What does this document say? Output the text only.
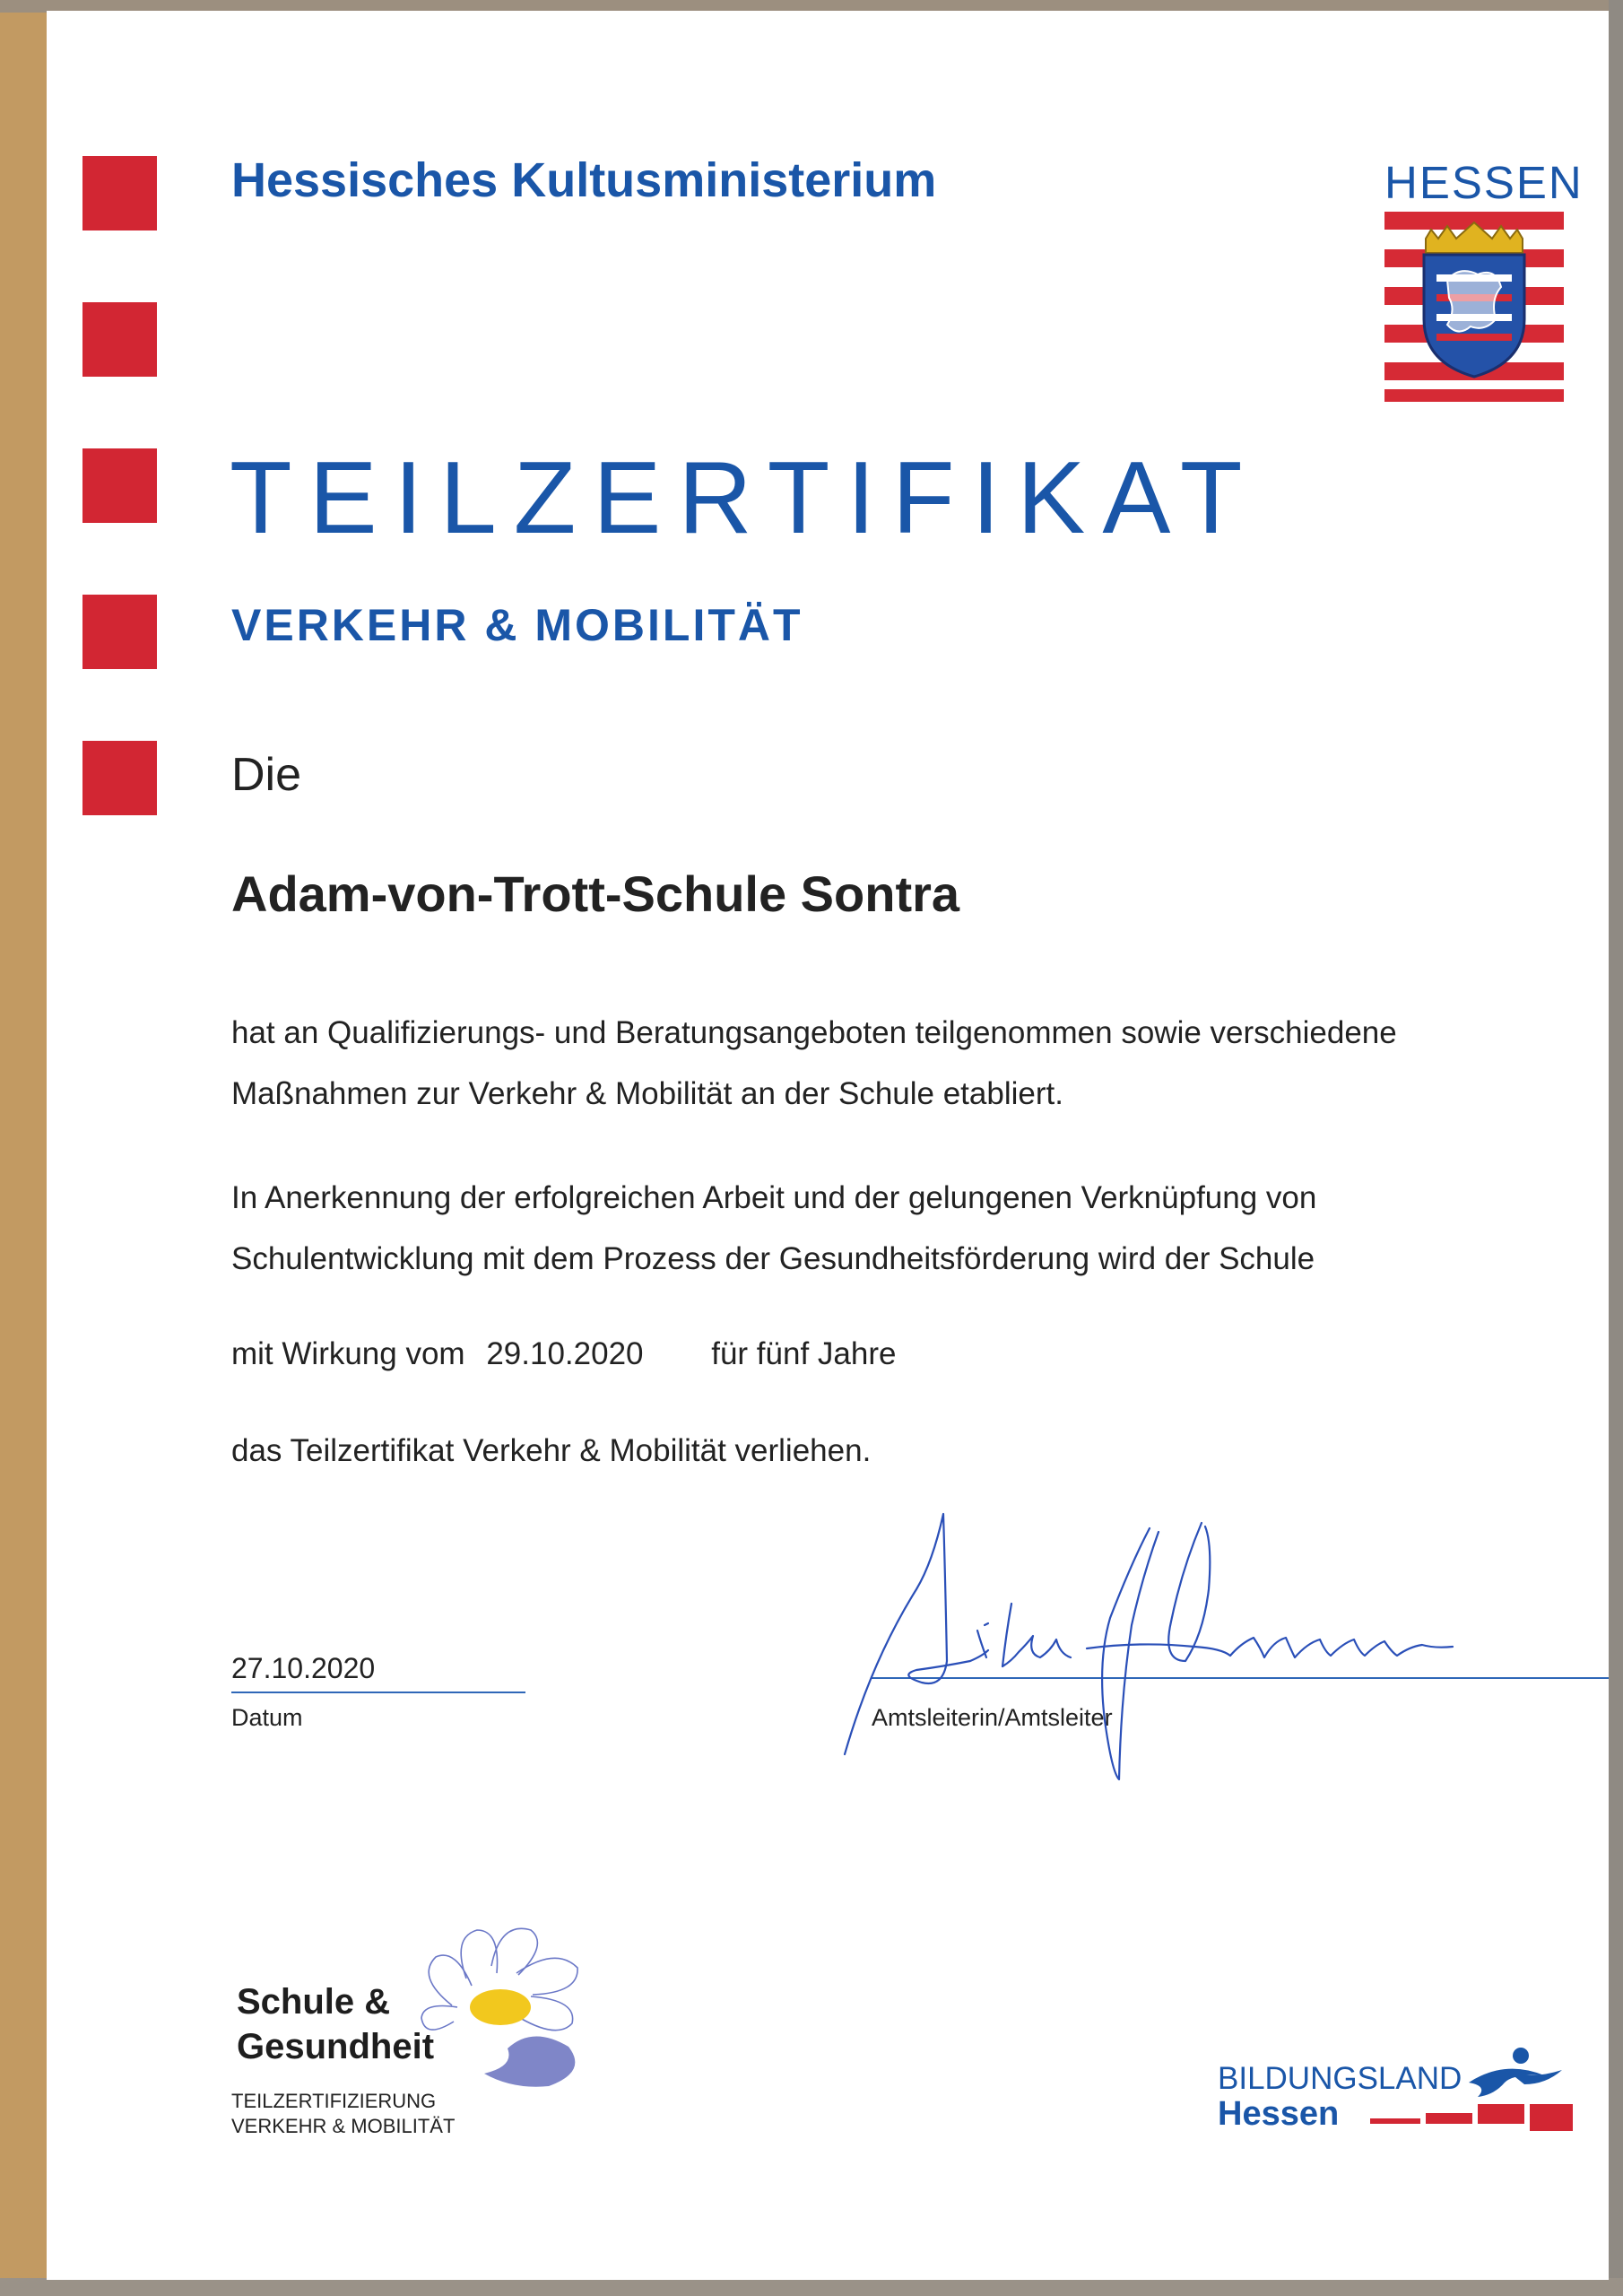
Hessisches Kultusministerium	HESSEN
TEILZERTIFIKAT
VERKEHR & MOBILITÄT
Die
Adam-von-Trott-Schule Sontra
hat an Qualifizierungs- und Beratungsangeboten teilgenommen sowie verschiedene
Maßnahmen zur Verkehr & Mobilität an der Schule etabliert.
In Anerkennung der erfolgreichen Arbeit und der gelungenen Verknüpfung von
Schulentwicklung mit dem Prozess der Gesundheitsförderung wird der Schule
mit Wirkung vom 29.10.2020 für fünf Jahre
das Teilzertifikat Verkehr & Mobilität verliehen.
27.10.2020
Datum	Amtsleiterin/Amtsleiter
Schule &
Gesundheit
TEILZERTIFIZIERUNG
VERKEHR & MOBILITÄT
BILDUNGSLAND
Hessen
